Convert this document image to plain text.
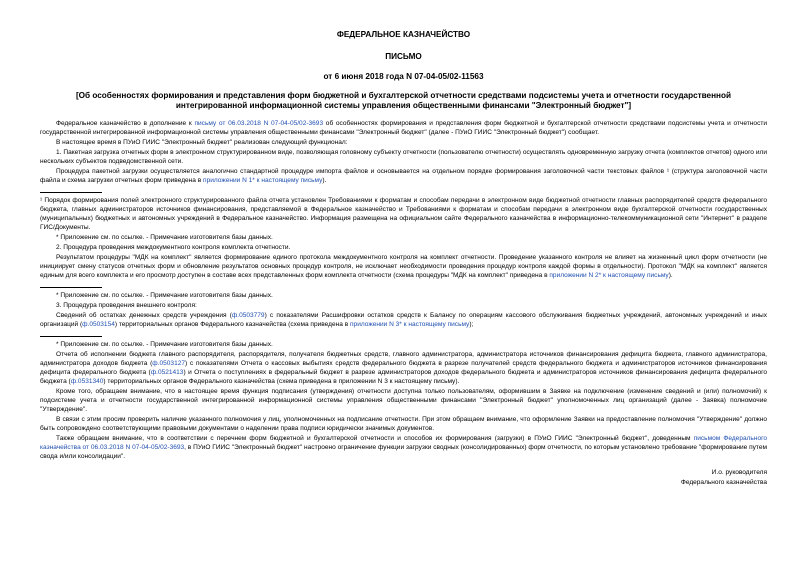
ФЕДЕРАЛЬНОЕ КАЗНАЧЕЙСТВО
ПИСЬМО
от 6 июня 2018 года N 07-04-05/02-11563
[Об особенностях формирования и представления форм бюджетной и бухгалтерской отчетности средствами подсистемы учета и отчетности государственной интегрированной информационной системы управления общественными финансами "Электронный бюджет"]

Федеральное казначейство в дополнение к письму от 06.03.2018 N 07-04-05/02-3693 об особенностях формирования и представления форм бюджетной и бухгалтерской отчетности средствами подсистемы учета и отчетности государственной интегрированной информационной системы управления общественными финансами "Электронный бюджет" (далее - ПУиО ГИИС "Электронный бюджет") сообщает.

В настоящее время в ПУиО ГИИС "Электронный бюджет" реализован следующий функционал:

1. Пакетная загрузка отчетных форм в электронном структурированном виде, позволяющая головному субъекту отчетности (пользователю отчетности) осуществлять одновременную загрузку отчета (комплектов отчетов) одного или нескольких субъектов подведомственной сети.

Процедура пакетной загрузки осуществляется аналогично стандартной процедуре импорта файлов и основывается на отдельном порядке формирования заголовочной части текстовых файлов ¹ (структура заголовочной части файла и схема загрузки отчетных форм приведена в приложении N 1* к настоящему письму).

¹ Порядок формирования полей электронного структурированного файла отчета установлен Требованиями к форматам и способам передачи в электронном виде бюджетной отчетности главных распорядителей средств федерального бюджета, главных администраторов источников финансирования, представляемой в Федеральное казначейство и Требованиями к форматам и способам передачи в электронном виде бухгалтерской отчетности государственных (муниципальных) бюджетных и автономных учреждений в Федеральное казначейство. Информация размещена на официальном сайте Федерального казначейства в информационно-телекоммуникационной сети "Интернет" в разделе ГИС/Документы.

* Приложение см. по ссылке. - Примечание изготовителя базы данных.

2. Процедура проведения междокументного контроля комплекта отчетности.

Результатом процедуры "МДК на комплект" является формирование единого протокола междокументного контроля на комплект отчетности. Проведение указанного контроля не влияет на жизненный цикл форм отчетности (не инициирует смену статусов отчетных форм и обновление результатов основных процедур контроля, не исключает необходимости проведения процедур контроля каждой формы в отдельности). Протокол "МДК на комплект" является единым для всего комплекта и его просмотр доступен в составе всех представленных форм комплекта отчетности (схема процедуры "МДК на комплект" приведена в приложении N 2* к настоящему письму).

* Приложение см. по ссылке. - Примечание изготовителя базы данных.

3. Процедура проведения внешнего контроля:

Сведений об остатках денежных средств учреждения (ф.0503779) с показателями Расшифровки остатков средств к Балансу по операциям кассового обслуживания бюджетных учреждений, автономных учреждений и иных организаций (ф.0503154) территориальных органов Федерального казначейства (схема приведена в приложении N 3* к настоящему письму);

* Приложение см. по ссылке. - Примечание изготовителя базы данных.

Отчета об исполнении бюджета главного распорядителя, распорядителя, получателя бюджетных средств, главного администратора, администратора источников финансирования дефицита бюджета, главного администратора, администратора доходов бюджета (ф.0503127) с показателями Отчета о кассовых выбытиях средств федерального бюджета в разрезе получателей средств федерального бюджета и администраторов источников финансирования дефицита федерального бюджета (ф.0521413) и Отчета о поступлениях в федеральный бюджет в разрезе администраторов доходов федерального бюджета и администраторов источников финансирования дефицита федерального бюджета (ф.0531340) территориальных органов Федерального казначейства (схема приведена в приложении N 3 к настоящему письму).

Кроме того, обращаем внимание, что в настоящее время функция подписания (утверждения) отчетности доступна только пользователям, оформившим в Заявке на подключение (изменение сведений и (или) полномочий) к подсистеме учета и отчетности государственной интегрированной информационной системы управления общественными финансами "Электронный бюджет" уполномоченных лиц организаций (далее - Заявка) полномочие "Утверждение".

В связи с этим просим проверить наличие указанного полномочия у лиц, уполномоченных на подписание отчетности. При этом обращаем внимание, что оформление Заявки на предоставление полномочия "Утверждение" должно быть сопровождено соответствующими правовыми документами о наделении права подписи юридически значимых документов.

Также обращаем внимание, что в соответствии с перечнем форм бюджетной и бухгалтерской отчетности и способов их формирования (загрузки) в ПУиО ГИИС "Электронный бюджет", доведенным письмом Федерального казначейства от 06.03.2018 N 07-04-05/02-3693, в ПУиО ГИИС "Электронный бюджет" настроено ограничение функции загрузки сводных (консолидированных) форм отчетности, по которым установлено требование "формирование путем свода и/или консолидации".

И.о. руководителя
Федерального казначейства
